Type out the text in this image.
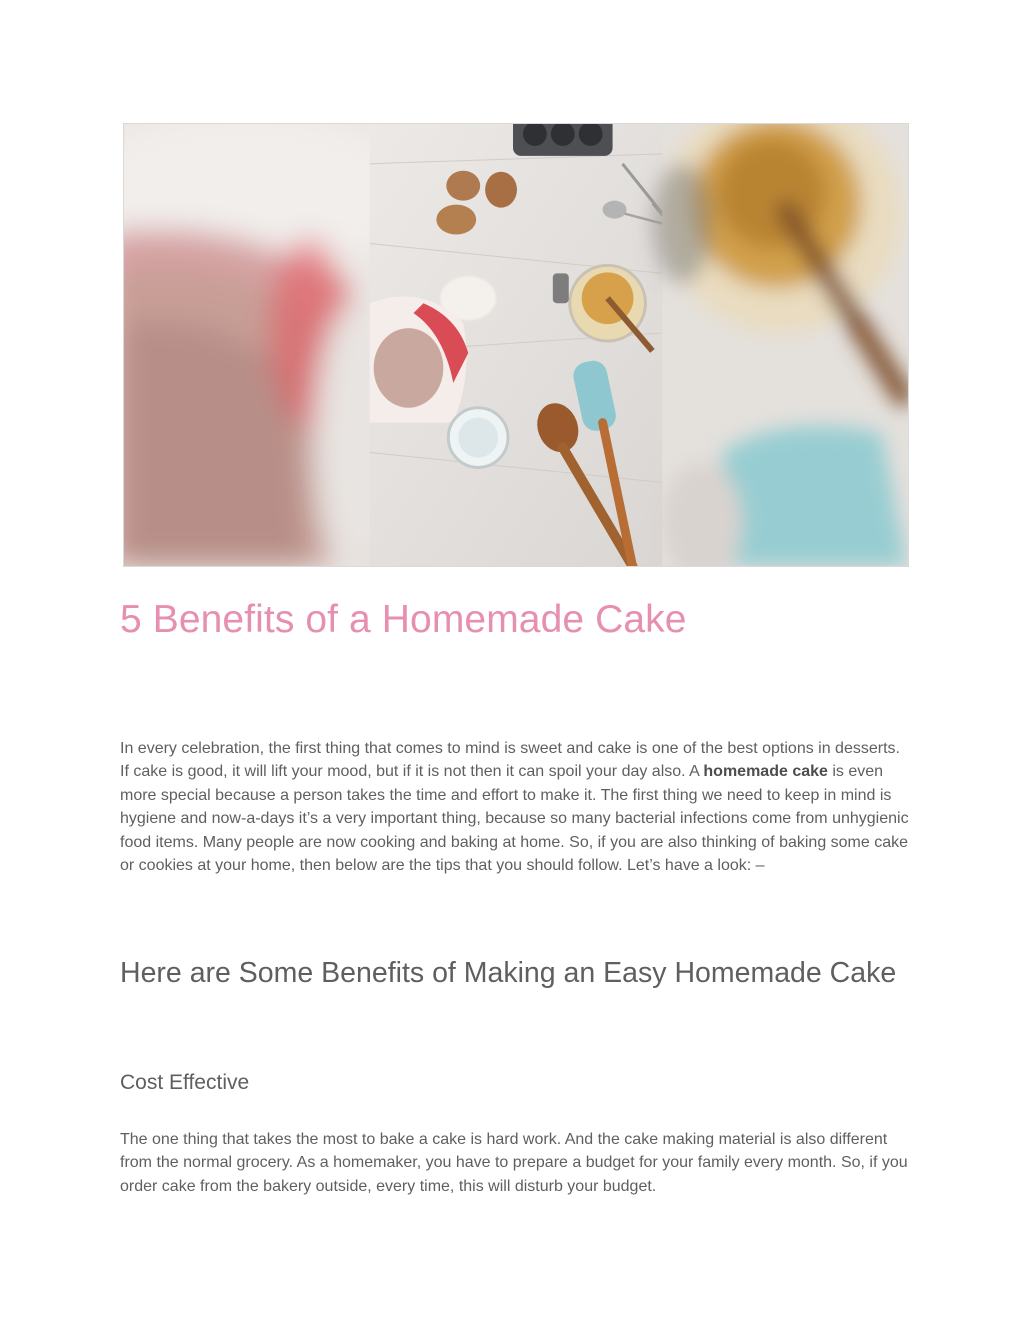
5 Benefits of a Homemade Cake

In every celebration, the first thing that comes to mind is sweet and cake is one of the best options in desserts. If cake is good, it will lift your mood, but if it is not then it can spoil your day also. A homemade cake is even more special because a person takes the time and effort to make it. The first thing we need to keep in mind is hygiene and now-a-days it’s a very important thing, because so many bacterial infections come from unhygienic food items. Many people are now cooking and baking at home. So, if you are also thinking of baking some cake or cookies at your home, then below are the tips that you should follow. Let’s have a look: –

Here are Some Benefits of Making an Easy Homemade Cake
Cost Effective

The one thing that takes the most to bake a cake is hard work. And the cake making material is also different from the normal grocery. As a homemaker, you have to prepare a budget for your family every month. So, if you order cake from the bakery outside, every time, this will disturb your budget.
